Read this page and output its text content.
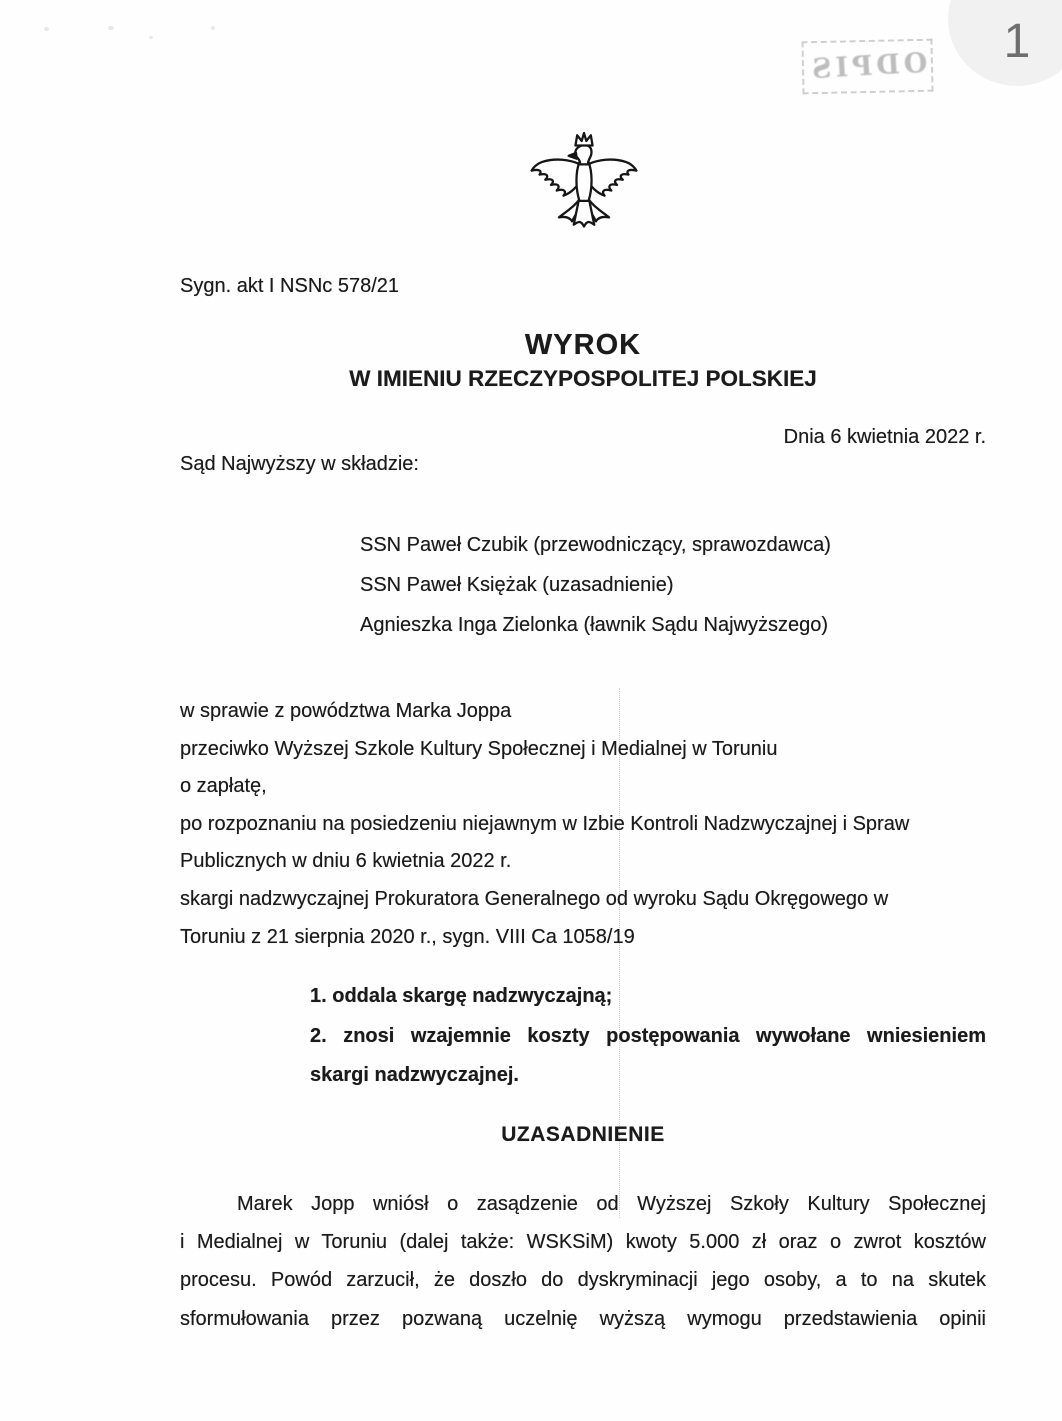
ODPIS 1
Sygn. akt I NSNc 578/21
WYROK
W IMIENIU RZECZYPOSPOLITEJ POLSKIEJ
Dnia 6 kwietnia 2022 r.
Sąd Najwyższy w składzie:
SSN Paweł Czubik (przewodniczący, sprawozdawca)
SSN Paweł Księżak (uzasadnienie)
Agnieszka Inga Zielonka (ławnik Sądu Najwyższego)
w sprawie z powództwa Marka Joppa
przeciwko Wyższej Szkole Kultury Społecznej i Medialnej w Toruniu
o zapłatę,
po rozpoznaniu na posiedzeniu niejawnym w Izbie Kontroli Nadzwyczajnej i Spraw
Publicznych w dniu 6 kwietnia 2022 r.
skargi nadzwyczajnej Prokuratora Generalnego od wyroku Sądu Okręgowego w
Toruniu z 21 sierpnia 2020 r., sygn. VIII Ca 1058/19
1. oddala skargę nadzwyczajną;
2. znosi wzajemnie koszty postępowania wywołane wniesieniem
skargi nadzwyczajnej.
UZASADNIENIE
Marek Jopp wniósł o zasądzenie od Wyższej Szkoły Kultury Społecznej
i Medialnej w Toruniu (dalej także: WSKSiM) kwoty 5.000 zł oraz o zwrot kosztów
procesu. Powód zarzucił, że doszło do dyskryminacji jego osoby, a to na skutek
sformułowania przez pozwaną uczelnię wyższą wymogu przedstawienia opinii
